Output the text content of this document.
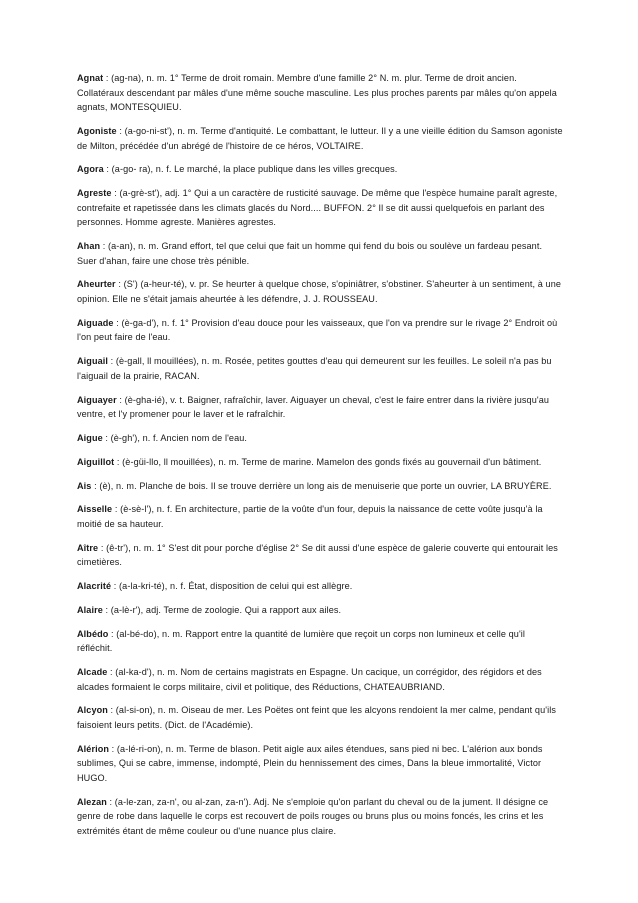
Agnat : (ag-na), n. m. 1° Terme de droit romain. Membre d'une famille 2° N. m. plur. Terme de droit ancien. Collatéraux descendant par mâles d'une même souche masculine. Les plus proches parents par mâles qu'on appela agnats, MONTESQUIEU.

Agoniste : (a-go-ni-st'), n. m. Terme d'antiquité. Le combattant, le lutteur. Il y a une vieille édition du Samson agoniste de Milton, précédée d'un abrégé de l'histoire de ce héros, VOLTAIRE.

Agora : (a-go- ra), n. f. Le marché, la place publique dans les villes grecques.

Agreste : (a-grè-st'), adj. 1° Qui a un caractère de rusticité sauvage. De même que l'espèce humaine paraît agreste, contrefaite et rapetissée dans les climats glacés du Nord.... BUFFON. 2° Il se dit aussi quelquefois en parlant des personnes. Homme agreste. Manières agrestes.

Ahan : (a-an), n. m. Grand effort, tel que celui que fait un homme qui fend du bois ou soulève un fardeau pesant. Suer d'ahan, faire une chose très pénible.

Aheurter : (S') (a-heur-té), v. pr. Se heurter à quelque chose, s'opiniâtrer, s'obstiner. S'aheurter à un sentiment, à une opinion. Elle ne s'était jamais aheurtée à les défendre, J. J. ROUSSEAU.

Aiguade : (è-ga-d'), n. f. 1° Provision d'eau douce pour les vaisseaux, que l'on va prendre sur le rivage 2° Endroit où l'on peut faire de l'eau.

Aiguail : (è-gall, ll mouillées), n. m. Rosée, petites gouttes d'eau qui demeurent sur les feuilles. Le soleil n'a pas bu l'aiguail de la prairie, RACAN.

Aiguayer : (è-gha-ié), v. t. Baigner, rafraîchir, laver. Aiguayer un cheval, c'est le faire entrer dans la rivière jusqu'au ventre, et l'y promener pour le laver et le rafraîchir.

Aigue : (è-gh'), n. f. Ancien nom de l'eau.

Aiguillot : (è-güi-llo, ll mouillées), n. m. Terme de marine. Mamelon des gonds fixés au gouvernail d'un bâtiment.

Ais : (è), n. m. Planche de bois. Il se trouve derrière un long ais de menuiserie que porte un ouvrier, LA BRUYÈRE.

Aisselle : (è-sè-l'), n. f. En architecture, partie de la voûte d'un four, depuis la naissance de cette voûte jusqu'à la moitié de sa hauteur.

Aître : (ê-tr'), n. m. 1° S'est dit pour porche d'église 2° Se dit aussi d'une espèce de galerie couverte qui entourait les cimetières.

Alacrité : (a-la-kri-té), n. f. État, disposition de celui qui est allègre.

Alaire : (a-lè-r'), adj. Terme de zoologie. Qui a rapport aux ailes.

Albédo : (al-bé-do), n. m. Rapport entre la quantité de lumière que reçoit un corps non lumineux et celle qu'il réfléchit.

Alcade : (al-ka-d'), n. m. Nom de certains magistrats en Espagne. Un cacique, un corrégidor, des régidors et des alcades formaient le corps militaire, civil et politique, des Réductions, CHATEAUBRIAND.

Alcyon : (al-si-on), n. m. Oiseau de mer. Les Poëtes ont feint que les alcyons rendoient la mer calme, pendant qu'ils faisoient leurs petits. (Dict. de l'Académie).

Alérion : (a-lé-ri-on), n. m. Terme de blason. Petit aigle aux ailes étendues, sans pied ni bec. L'alérion aux bonds sublimes, Qui se cabre, immense, indompté, Plein du hennissement des cimes, Dans la bleue immortalité, Victor HUGO.

Alezan : (a-le-zan, za-n', ou al-zan, za-n'). Adj. Ne s'emploie qu'on parlant du cheval ou de la jument. Il désigne ce genre de robe dans laquelle le corps est recouvert de poils rouges ou bruns plus ou moins foncés, les crins et les extrémités étant de même couleur ou d'une nuance plus claire.
